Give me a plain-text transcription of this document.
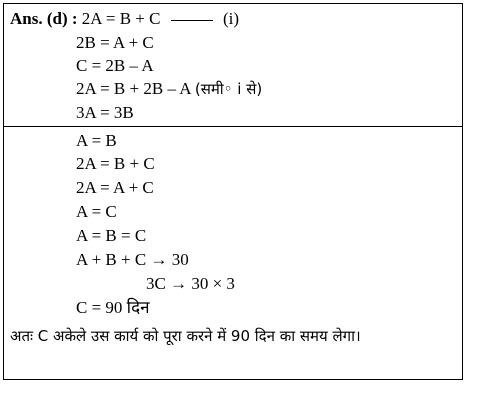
Ans. (d) : 2A = B + C	(i)
2B = A + C
C = 2B – A
2A = B + 2B – A (समी◦ i से)
3A = 3B
A = B
2A = B + C
2A = A + C
A = C
A = B = C
A + B + C → 30
3C → 30 × 3
C = 90 दिन
अतः C अकेले उस कार्य को पूरा करने में 90 दिन का समय लेगा।
